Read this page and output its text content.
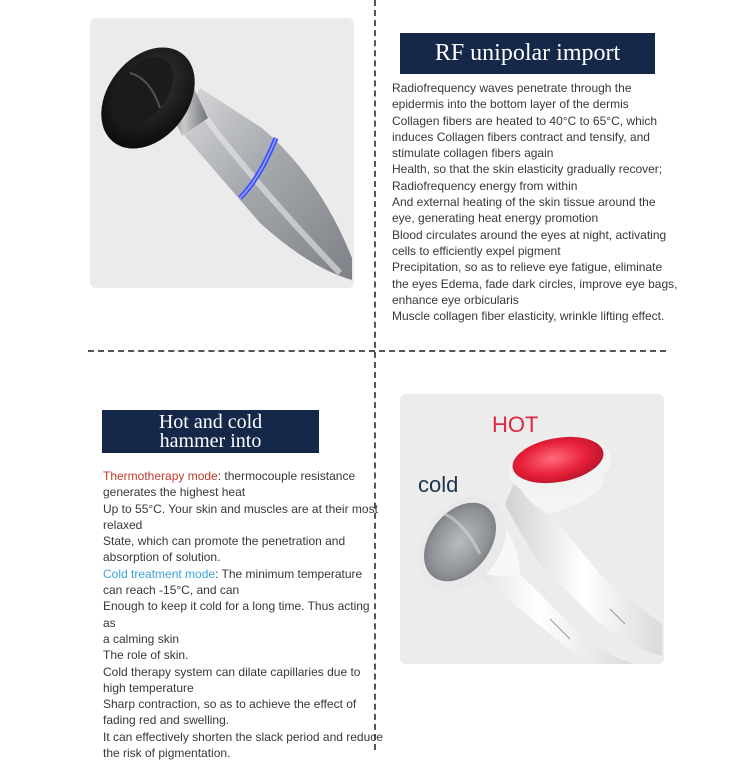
RF unipolar import

Radiofrequency waves penetrate through the

epidermis into the bottom layer of the dermis

Collagen fibers are heated to 40°C to 65°C, which

induces Collagen fibers contract and tensify, and

stimulate collagen fibers again

Health, so that the skin elasticity gradually recover;

Radiofrequency energy from within

And external heating of the skin tissue around the

eye, generating heat energy promotion

Blood circulates around the eyes at night, activating

cells to efficiently expel pigment

Precipitation, so as to relieve eye fatigue, eliminate

the eyes Edema, fade dark circles, improve eye bags,

enhance eye orbicularis

Muscle collagen fiber elasticity, wrinkle lifting effect.

Hot and cold
hammer into

Thermotherapy mode: thermocouple resistance

generates the highest heat

Up to 55°C. Your skin and muscles are at their most

relaxed

State, which can promote the penetration and

absorption of solution.

Cold treatment mode: The minimum temperature

can reach -15°C, and can

Enough to keep it cold for a long time. Thus acting as

a calming skin

The role of skin.

Cold therapy system can dilate capillaries due to

high temperature

Sharp contraction, so as to achieve the effect of

fading red and swelling.

It can effectively shorten the slack period and reduce

the risk of pigmentation.

HOT
cold
